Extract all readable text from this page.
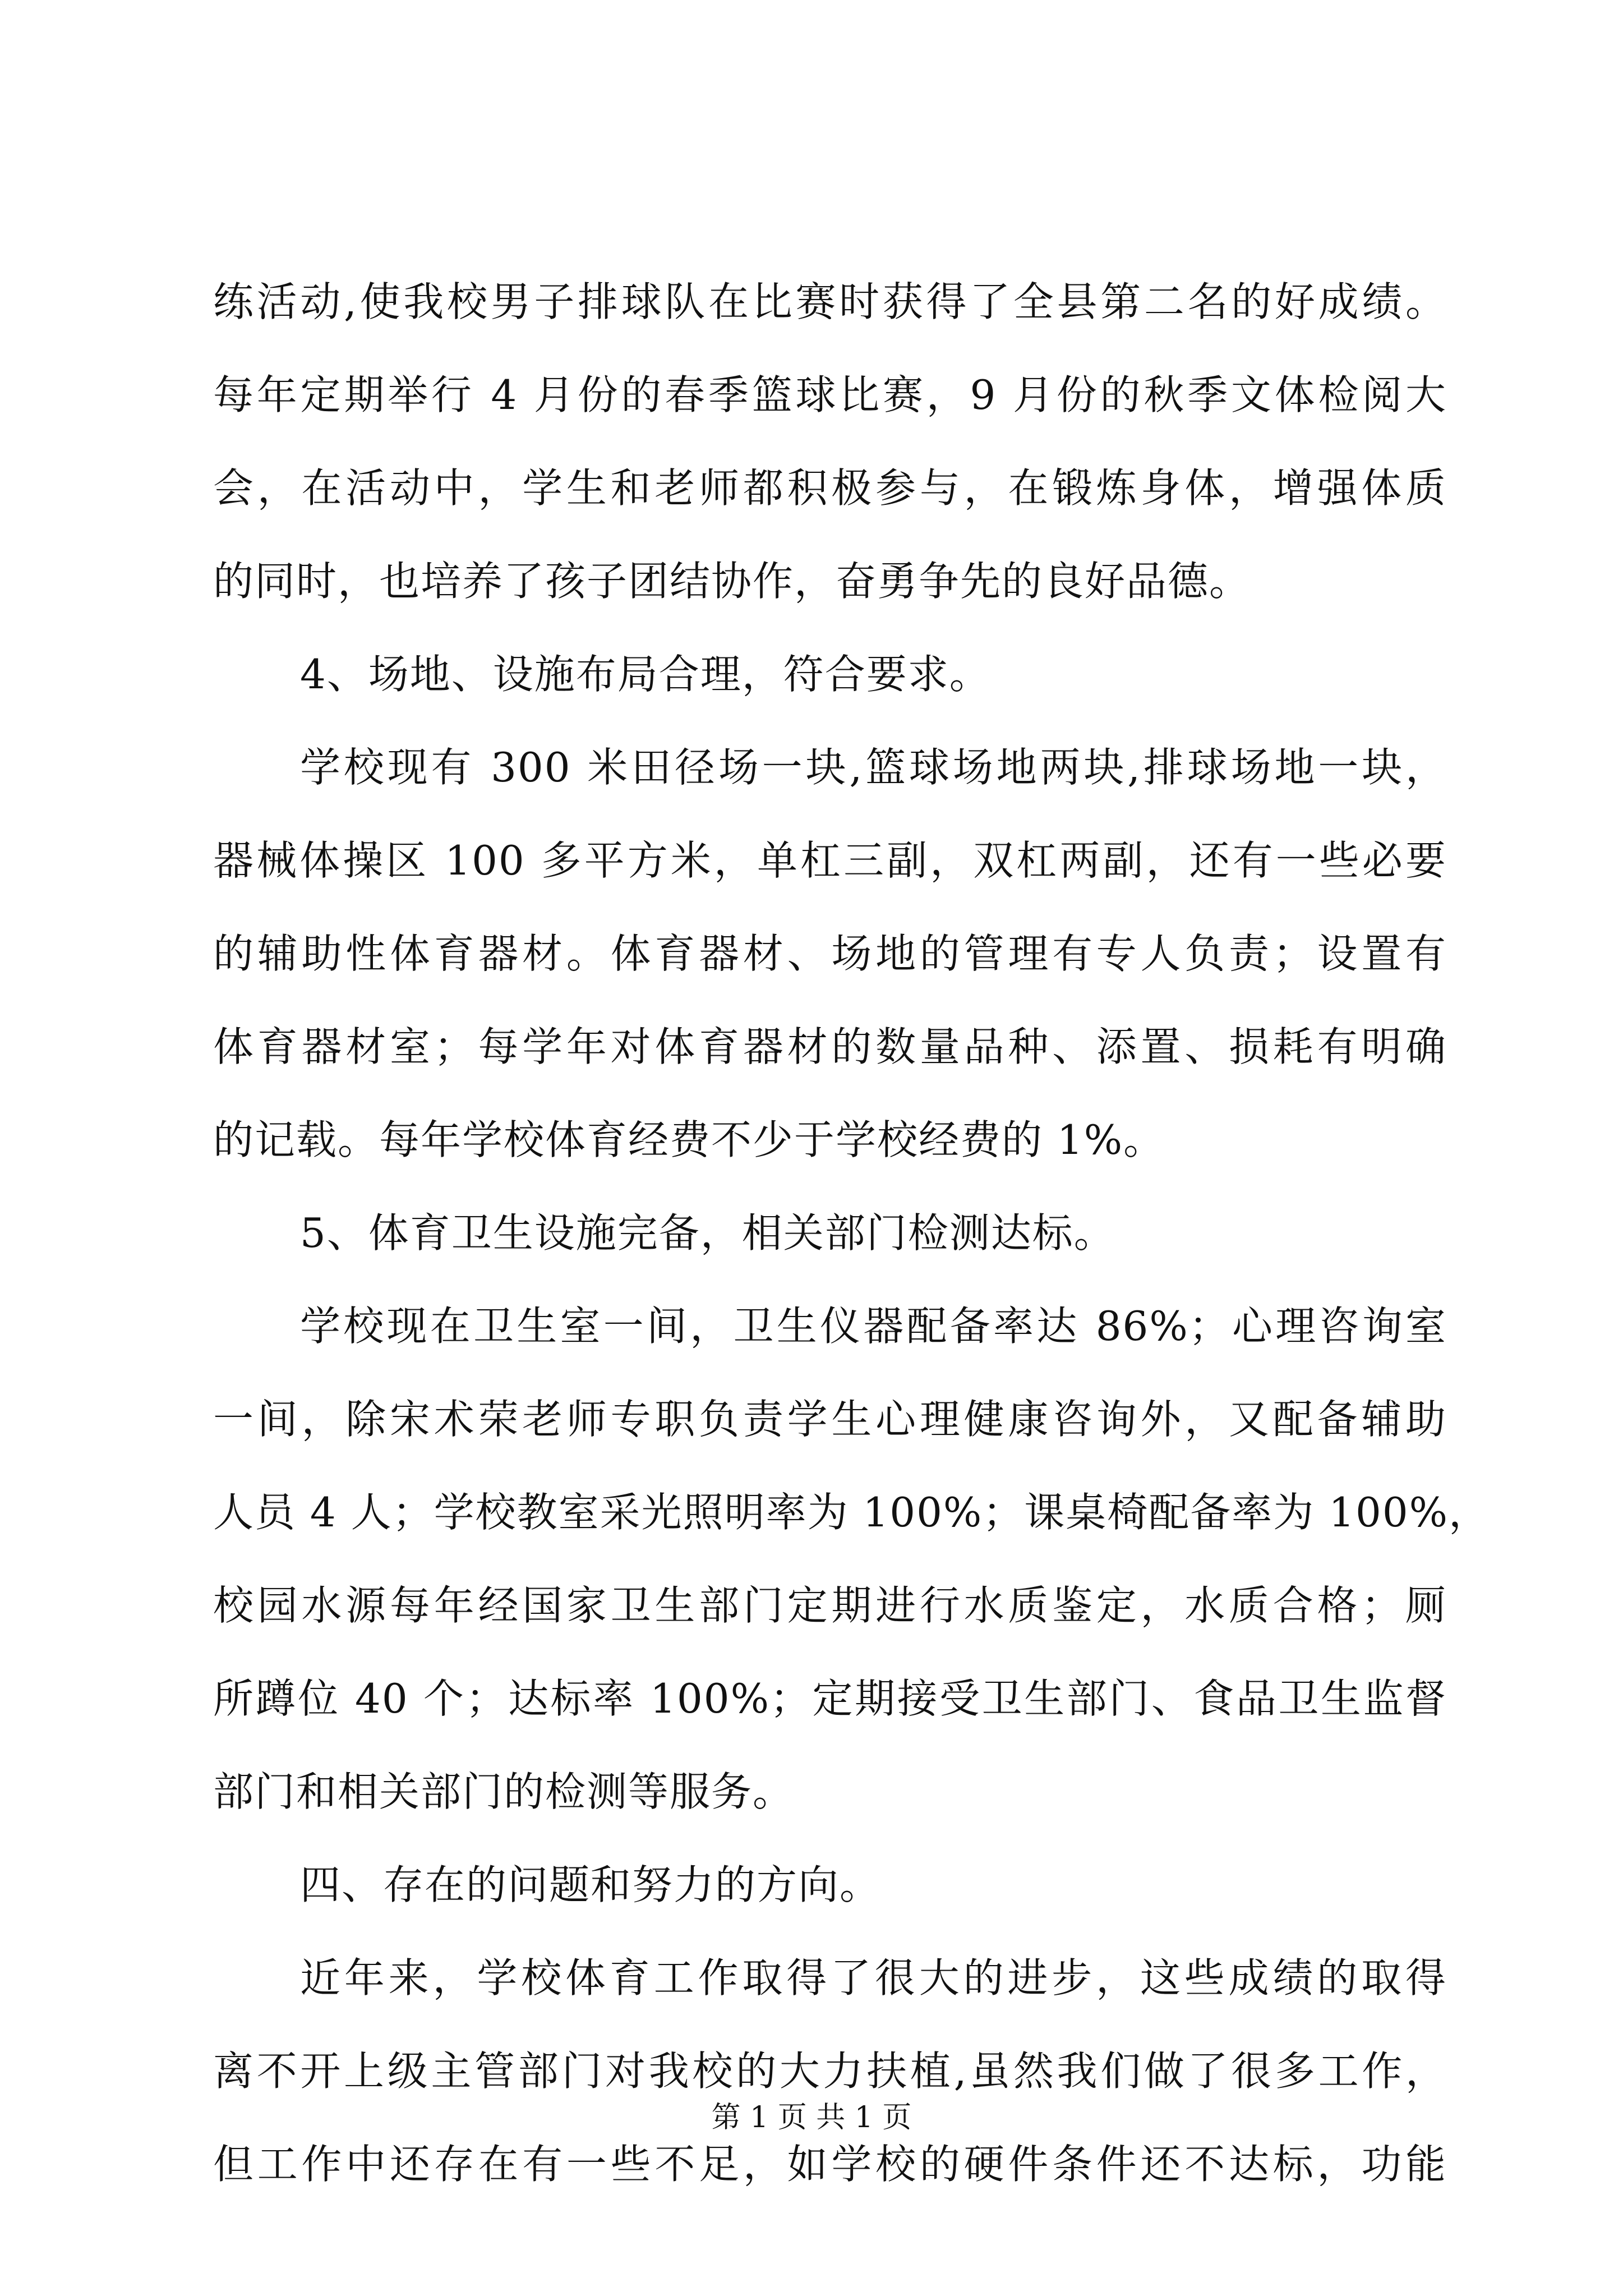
练活动,使我校男子排球队在比赛时获得了全县第二名的好成绩。
每年定期举行 4 月份的春季篮球比赛，9 月份的秋季文体检阅大
会，在活动中，学生和老师都积极参与，在锻炼身体，增强体质
的同时，也培养了孩子团结协作，奋勇争先的良好品德。
4、场地、设施布局合理，符合要求。
学校现有 300 米田径场一块,篮球场地两块,排球场地一块，
器械体操区 100 多平方米，单杠三副，双杠两副，还有一些必要
的辅助性体育器材。体育器材、场地的管理有专人负责；设置有
体育器材室；每学年对体育器材的数量品种、添置、损耗有明确
的记载。每年学校体育经费不少于学校经费的 1%。
5、体育卫生设施完备，相关部门检测达标。
学校现在卫生室一间，卫生仪器配备率达 86%；心理咨询室
一间，除宋术荣老师专职负责学生心理健康咨询外，又配备辅助
人员 4 人；学校教室采光照明率为 100%；课桌椅配备率为 100%，
校园水源每年经国家卫生部门定期进行水质鉴定，水质合格；厕
所蹲位 40 个；达标率 100%；定期接受卫生部门、食品卫生监督
部门和相关部门的检测等服务。
四、存在的问题和努力的方向。
近年来，学校体育工作取得了很大的进步，这些成绩的取得
离不开上级主管部门对我校的大力扶植,虽然我们做了很多工作，
但工作中还存在有一些不足，如学校的硬件条件还不达标，功能
第 1 页 共 1 页
